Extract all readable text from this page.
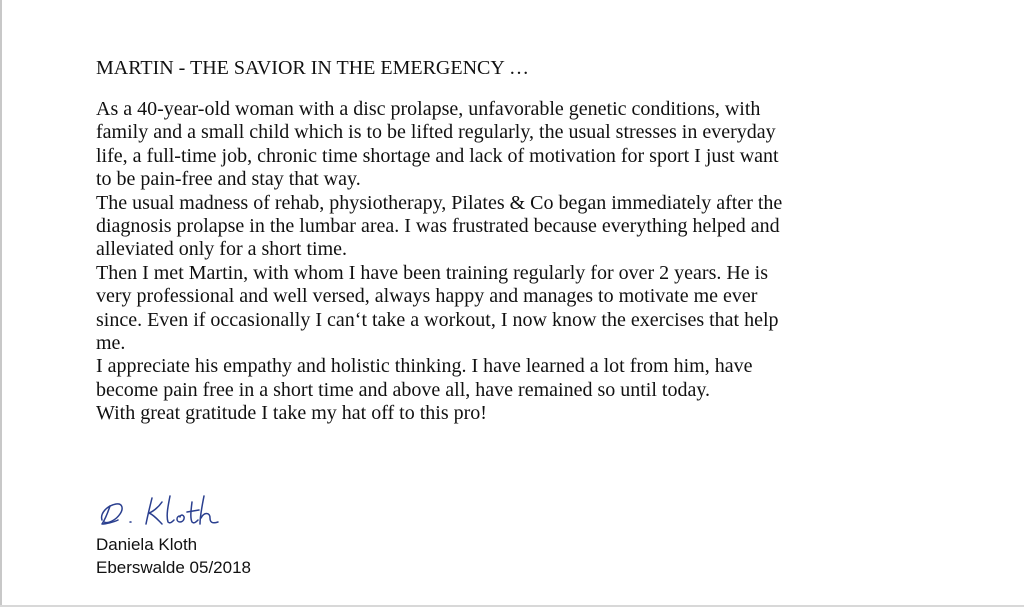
MARTIN - THE SAVIOR IN THE EMERGENCY …
As a 40-year-old woman with a disc prolapse, unfavorable genetic conditions, with
family and a small child which is to be lifted regularly, the usual stresses in everyday
life, a full-time job, chronic time shortage and lack of motivation for sport I just want
to be pain-free and stay that way.
The usual madness of rehab, physiotherapy, Pilates & Co began immediately after the
diagnosis prolapse in the lumbar area. I was frustrated because everything helped and
alleviated only for a short time.
Then I met Martin, with whom I have been training regularly for over 2 years. He is
very professional and well versed, always happy and manages to motivate me ever
since. Even if occasionally I can‘t take a workout, I now know the exercises that help
me.
I appreciate his empathy and holistic thinking. I have learned a lot from him, have
become pain free in a short time and above all, have remained so until today.
With great gratitude I take my hat off to this pro!

Daniela Kloth

Eberswalde 05/2018
